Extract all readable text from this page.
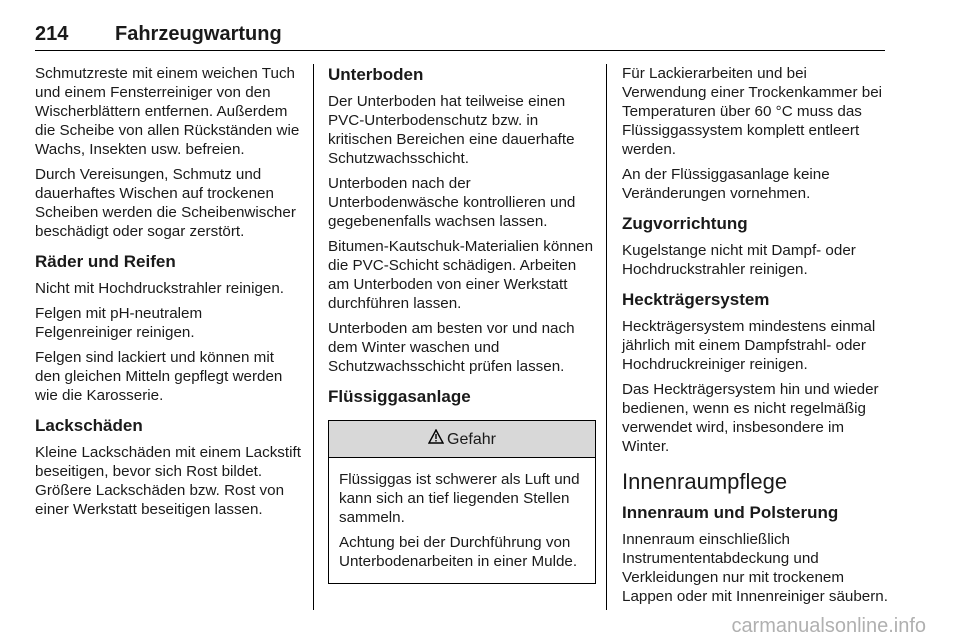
214 Fahrzeugwartung

Schmutzreste mit einem weichen Tuch und einem Fensterreiniger von den Wischerblättern entfernen. Außerdem die Scheibe von allen Rückständen wie Wachs, Insekten usw. befreien.

Durch Vereisungen, Schmutz und dauerhaftes Wischen auf trockenen Scheiben werden die Scheibenwischer beschädigt oder sogar zerstört.

Räder und Reifen

Nicht mit Hochdruckstrahler reinigen.

Felgen mit pH-neutralem Felgenreiniger reinigen.

Felgen sind lackiert und können mit den gleichen Mitteln gepflegt werden wie die Karosserie.

Lackschäden

Kleine Lackschäden mit einem Lackstift beseitigen, bevor sich Rost bildet. Größere Lackschäden bzw. Rost von einer Werkstatt beseitigen lassen.

Unterboden

Der Unterboden hat teilweise einen PVC-Unterbodenschutz bzw. in kritischen Bereichen eine dauerhafte Schutzwachsschicht.

Unterboden nach der Unterbodenwäsche kontrollieren und gegebenenfalls wachsen lassen.

Bitumen-Kautschuk-Materialien können die PVC-Schicht schädigen. Arbeiten am Unterboden von einer Werkstatt durchführen lassen.

Unterboden am besten vor und nach dem Winter waschen und Schutzwachsschicht prüfen lassen.

Flüssiggasanlage
Gefahr

Flüssiggas ist schwerer als Luft und kann sich an tief liegenden Stellen sammeln.

Achtung bei der Durchführung von Unterbodenarbeiten in einer Mulde.

Für Lackierarbeiten und bei Verwendung einer Trockenkammer bei Temperaturen über 60 °C muss das Flüssiggassystem komplett entleert werden.

An der Flüssiggasanlage keine Veränderungen vornehmen.

Zugvorrichtung

Kugelstange nicht mit Dampf- oder Hochdruckstrahler reinigen.

Heckträgersystem

Heckträgersystem mindestens einmal jährlich mit einem Dampfstrahl- oder Hochdruckreiniger reinigen.

Das Heckträgersystem hin und wieder bedienen, wenn es nicht regelmäßig verwendet wird, insbesondere im Winter.

Innenraumpflege
Innenraum und Polsterung

Innenraum einschließlich Instrumententabdeckung und Verkleidungen nur mit trockenem Lappen oder mit Innenreiniger säubern.

carmanualsonline.info
